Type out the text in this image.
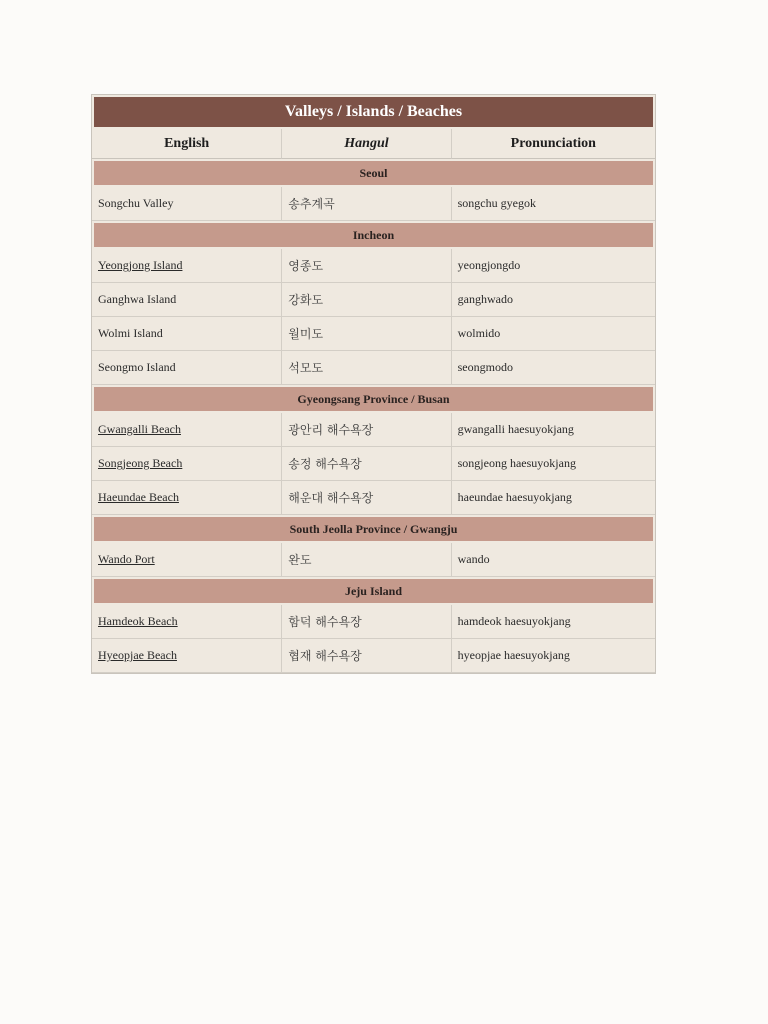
Valleys / Islands / Beaches		
English	Hangul	Pronunciation
Seoul		
Songchu Valley	송추계곡	songchu gyegok
Incheon		
Yeongjong Island	영종도	yeongjongdo
Ganghwa Island	강화도	ganghwado
Wolmi Island	월미도	wolmido
Seongmo Island	석모도	seongmodo
Gyeongsang Province / Busan		
Gwangalli Beach	광안리 해수욕장	gwangalli haesuyokjang
Songjeong Beach	송정 해수욕장	songjeong haesuyokjang
Haeundae Beach	해운대 해수욕장	haeundae haesuyokjang
South Jeolla Province / Gwangju		
Wando Port	완도	wando
Jeju Island		
Hamdeok Beach	함덕 해수욕장	hamdeok haesuyokjang
Hyeopjae Beach	협재 해수욕장	hyeopjae haesuyokjang
